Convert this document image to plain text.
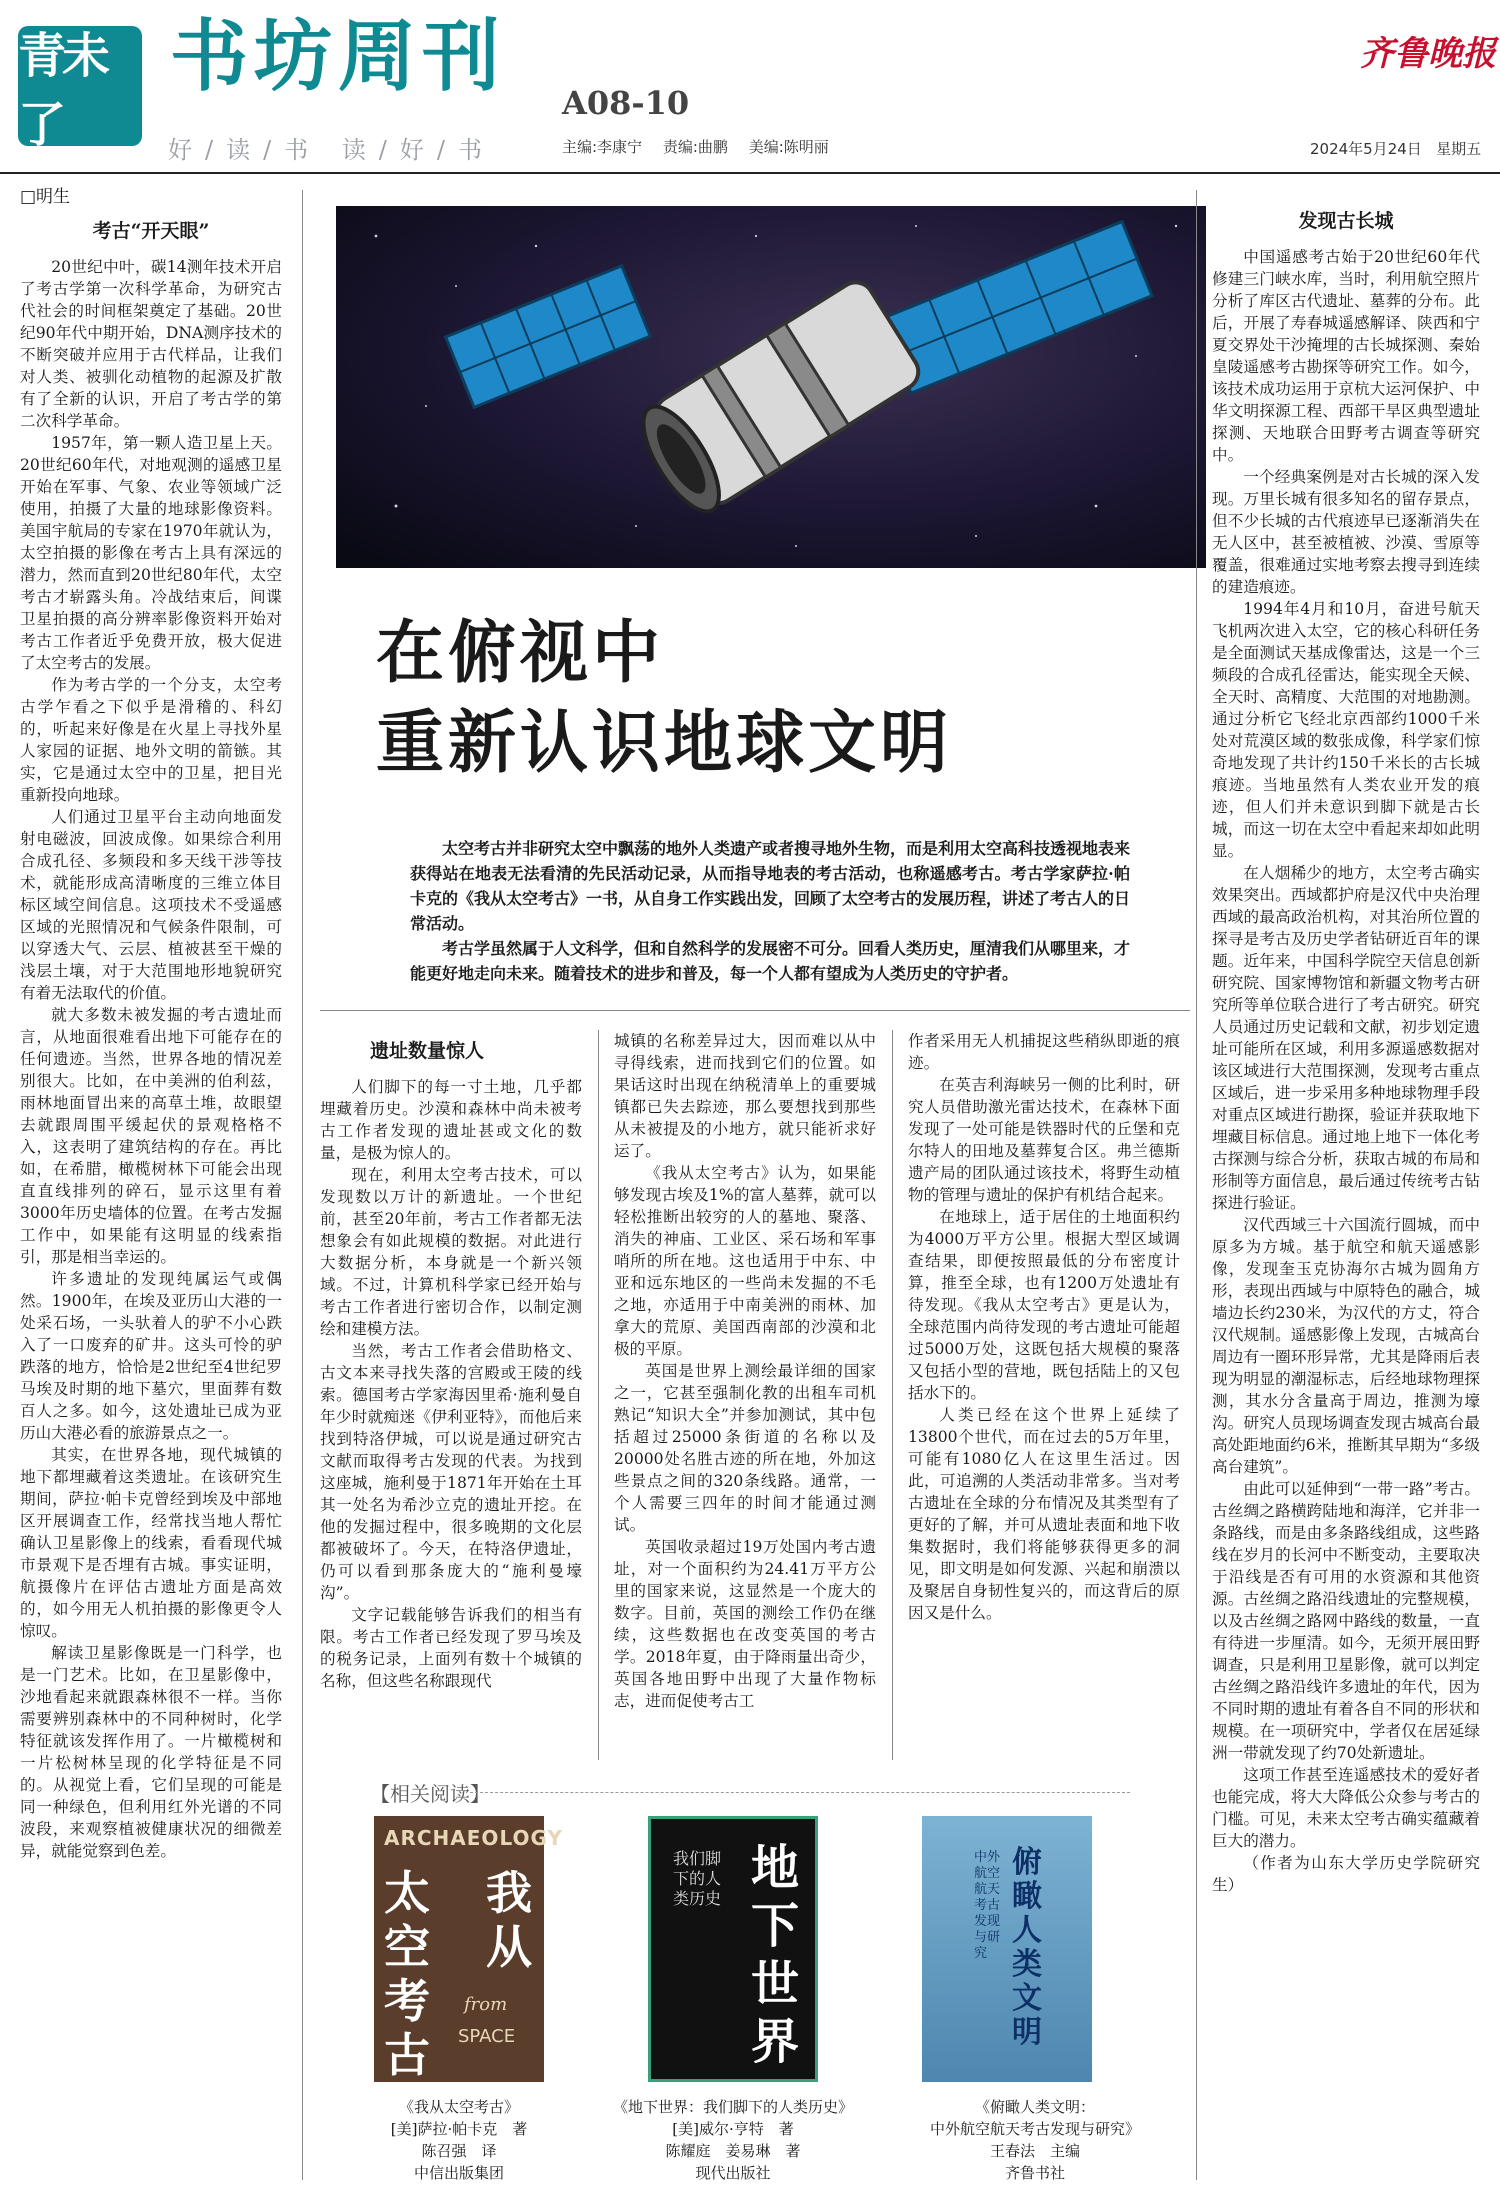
青未了
书坊周刊
A08-10
好/读/书 读/好/书	主编:李康宁 责编:曲鹏 美编:陈明丽
齐鲁晚报
2024年5月24日 星期五
□明生
考古“开天眼”

20世纪中叶，碳14测年技术开启了考古学第一次科学革命，为研究古代社会的时间框架奠定了基础。20世纪90年代中期开始，DNA测序技术的不断突破并应用于古代样品，让我们对人类、被驯化动植物的起源及扩散有了全新的认识，开启了考古学的第二次科学革命。

1957年，第一颗人造卫星上天。20世纪60年代，对地观测的遥感卫星开始在军事、气象、农业等领域广泛使用，拍摄了大量的地球影像资料。美国宇航局的专家在1970年就认为，太空拍摄的影像在考古上具有深远的潜力，然而直到20世纪80年代，太空考古才崭露头角。冷战结束后，间谍卫星拍摄的高分辨率影像资料开始对考古工作者近乎免费开放，极大促进了太空考古的发展。

作为考古学的一个分支，太空考古学乍看之下似乎是滑稽的、科幻的，听起来好像是在火星上寻找外星人家园的证据、地外文明的箭镞。其实，它是通过太空中的卫星，把目光重新投向地球。

人们通过卫星平台主动向地面发射电磁波，回波成像。如果综合利用合成孔径、多频段和多天线干涉等技术，就能形成高清晰度的三维立体目标区域空间信息。这项技术不受遥感区域的光照情况和气候条件限制，可以穿透大气、云层、植被甚至干燥的浅层土壤，对于大范围地形地貌研究有着无法取代的价值。

就大多数未被发掘的考古遗址而言，从地面很难看出地下可能存在的任何遗迹。当然，世界各地的情况差别很大。比如，在中美洲的伯利兹，雨林地面冒出来的高草土堆，故眼望去就跟周围平缓起伏的景观格格不入，这表明了建筑结构的存在。再比如，在希腊，橄榄树林下可能会出现直直线排列的碎石，显示这里有着3000年历史墙体的位置。在考古发掘工作中，如果能有这明显的线索指引，那是相当幸运的。

许多遗址的发现纯属运气或偶然。1900年，在埃及亚历山大港的一处采石场，一头驮着人的驴不小心跌入了一口废弃的矿井。这头可怜的驴跌落的地方，恰恰是2世纪至4世纪罗马埃及时期的地下墓穴，里面葬有数百人之多。如今，这处遗址已成为亚历山大港必看的旅游景点之一。

其实，在世界各地，现代城镇的地下都埋藏着这类遗址。在该研究生期间，萨拉·帕卡克曾经到埃及中部地区开展调查工作，经常找当地人帮忙确认卫星影像上的线索，看看现代城市景观下是否埋有古城。事实证明，航摄像片在评估古遗址方面是高效的，如今用无人机拍摄的影像更令人惊叹。

解读卫星影像既是一门科学，也是一门艺术。比如，在卫星影像中，沙地看起来就跟森林很不一样。当你需要辨别森林中的不同种树时，化学特征就该发挥作用了。一片橄榄树和一片松树林呈现的化学特征是不同的。从视觉上看，它们呈现的可能是同一种绿色，但利用红外光谱的不同波段，来观察植被健康状况的细微差异，就能觉察到色差。

在俯视中
重新认识地球文明

太空考古并非研究太空中飘荡的地外人类遗产或者搜寻地外生物，而是利用太空高科技透视地表来获得站在地表无法看清的先民活动记录，从而指导地表的考古活动，也称遥感考古。考古学家萨拉·帕卡克的《我从太空考古》一书，从自身工作实践出发，回顾了太空考古的发展历程，讲述了考古人的日常活动。

考古学虽然属于人文科学，但和自然科学的发展密不可分。回看人类历史，厘清我们从哪里来，才能更好地走向未来。随着技术的进步和普及，每一个人都有望成为人类历史的守护者。

遗址数量惊人

人们脚下的每一寸土地，几乎都埋藏着历史。沙漠和森林中尚未被考古工作者发现的遗址甚或文化的数量，是极为惊人的。

现在，利用太空考古技术，可以发现数以万计的新遗址。一个世纪前，甚至20年前，考古工作者都无法想象会有如此规模的数据。对此进行大数据分析，本身就是一个新兴领域。不过，计算机科学家已经开始与考古工作者进行密切合作，以制定测绘和建模方法。

当然，考古工作者会借助格文、古文本来寻找失落的宫殿或王陵的线索。德国考古学家海因里希·施利曼自年少时就痴迷《伊利亚特》，而他后来找到特洛伊城，可以说是通过研究古文献而取得考古发现的代表。为找到这座城，施利曼于1871年开始在土耳其一处名为希沙立克的遗址开挖。在他的发掘过程中，很多晚期的文化层都被破坏了。今天，在特洛伊遗址，仍可以看到那条庞大的“施利曼壕沟”。

文字记载能够告诉我们的相当有限。考古工作者已经发现了罗马埃及的税务记录，上面列有数十个城镇的名称，但这些名称跟现代

城镇的名称差异过大，因而难以从中寻得线索，进而找到它们的位置。如果话这时出现在纳税清单上的重要城镇都已失去踪迹，那么要想找到那些从未被提及的小地方，就只能祈求好运了。

《我从太空考古》认为，如果能够发现古埃及1%的富人墓葬，就可以轻松推断出较穷的人的墓地、聚落、消失的神庙、工业区、采石场和军事哨所的所在地。这也适用于中东、中亚和远东地区的一些尚未发掘的不毛之地，亦适用于中南美洲的雨林、加拿大的荒原、美国西南部的沙漠和北极的平原。

英国是世界上测绘最详细的国家之一，它甚至强制化教的出租车司机熟记“知识大全”并参加测试，其中包括超过25000条街道的名称以及20000处名胜古迹的所在地，外加这些景点之间的320条线路。通常，一个人需要三四年的时间才能通过测试。

英国收录超过19万处国内考古遗址，对一个面积约为24.41万平方公里的国家来说，这显然是一个庞大的数字。目前，英国的测绘工作仍在继续，这些数据也在改变英国的考古学。2018年夏，由于降雨量出奇少，英国各地田野中出现了大量作物标志，进而促使考古工

作者采用无人机捕捉这些稍纵即逝的痕迹。

在英吉利海峡另一侧的比利时，研究人员借助激光雷达技术，在森林下面发现了一处可能是铁器时代的丘堡和克尔特人的田地及墓葬复合区。弗兰德斯遗产局的团队通过该技术，将野生动植物的管理与遗址的保护有机结合起来。

在地球上，适于居住的土地面积约为4000万平方公里。根据大型区域调查结果，即便按照最低的分布密度计算，推至全球，也有1200万处遗址有待发现。《我从太空考古》更是认为，全球范围内尚待发现的考古遗址可能超过5000万处，这既包括大规模的聚落又包括小型的营地，既包括陆上的又包括水下的。

人类已经在这个世界上延续了13800个世代，而在过去的5万年里，可能有1080亿人在这里生活过。因此，可追溯的人类活动非常多。当对考古遗址在全球的分布情况及其类型有了更好的了解，并可从遗址表面和地下收集数据时，我们将能够获得更多的洞见，即文明是如何发源、兴起和崩溃以及聚居自身韧性复兴的，而这背后的原因又是什么。

发现古长城

中国遥感考古始于20世纪60年代修建三门峡水库，当时，利用航空照片分析了库区古代遗址、墓葬的分布。此后，开展了寿春城遥感解译、陕西和宁夏交界处干沙掩埋的古长城探测、秦始皇陵遥感考古勘探等研究工作。如今，该技术成功运用于京杭大运河保护、中华文明探源工程、西部干旱区典型遗址探测、天地联合田野考古调查等研究中。

一个经典案例是对古长城的深入发现。万里长城有很多知名的留存景点，但不少长城的古代痕迹早已逐渐消失在无人区中，甚至被植被、沙漠、雪原等覆盖，很难通过实地考察去搜寻到连续的建造痕迹。

1994年4月和10月，奋进号航天飞机两次进入太空，它的核心科研任务是全面测试天基成像雷达，这是一个三频段的合成孔径雷达，能实现全天候、全天时、高精度、大范围的对地勘测。通过分析它飞经北京西部约1000千米处对荒漠区域的数张成像，科学家们惊奇地发现了共计约150千米长的古长城痕迹。当地虽然有人类农业开发的痕迹，但人们并未意识到脚下就是古长城，而这一切在太空中看起来却如此明显。

在人烟稀少的地方，太空考古确实效果突出。西域都护府是汉代中央治理西域的最高政治机构，对其治所位置的探寻是考古及历史学者钻研近百年的课题。近年来，中国科学院空天信息创新研究院、国家博物馆和新疆文物考古研究所等单位联合进行了考古研究。研究人员通过历史记载和文献，初步划定遗址可能所在区域，利用多源遥感数据对该区域进行大范围探测，发现考古重点区域后，进一步采用多种地球物理手段对重点区域进行勘探，验证并获取地下埋藏目标信息。通过地上地下一体化考古探测与综合分析，获取古城的布局和形制等方面信息，最后通过传统考古钻探进行验证。

汉代西域三十六国流行圆城，而中原多为方城。基于航空和航天遥感影像，发现奎玉克协海尔古城为圆角方形，表现出西域与中原特色的融合，城墙边长约230米，为汉代的方丈，符合汉代规制。遥感影像上发现，古城高台周边有一圈环形异常，尤其是降雨后表现为明显的潮湿标志，后经地球物理探测，其水分含量高于周边，推测为壕沟。研究人员现场调查发现古城高台最高处距地面约6米，推断其早期为“多级高台建筑”。

由此可以延伸到“一带一路”考古。古丝绸之路横跨陆地和海洋，它并非一条路线，而是由多条路线组成，这些路线在岁月的长河中不断变动，主要取决于沿线是否有可用的水资源和其他资源。古丝绸之路沿线遗址的完整规模，以及古丝绸之路网中路线的数量，一直有待进一步厘清。如今，无须开展田野调查，只是利用卫星影像，就可以判定古丝绸之路沿线许多遗址的年代，因为不同时期的遗址有着各自不同的形状和规模。在一项研究中，学者仅在居延绿洲一带就发现了约70处新遗址。

这项工作甚至连遥感技术的爱好者也能完成，将大大降低公众参与考古的门槛。可见，未来太空考古确实蕴藏着巨大的潜力。

（作者为山东大学历史学院研究生）

【相关阅读】
ARCHAEOLOGY
太空考古
我从
from
SPACE
我们脚下的人类历史
地下世界
俯瞰人类文明
中外航空航天考古发现与研究
《我从太空考古》
[美]萨拉·帕卡克　著
陈召强　译
中信出版集团
《地下世界：我们脚下的人类历史》
[美]威尔·亨特　著
陈耀庭　姜易琳　著
现代出版社
《俯瞰人类文明：
中外航空航天考古发现与研究》
王春法　主编
齐鲁书社
